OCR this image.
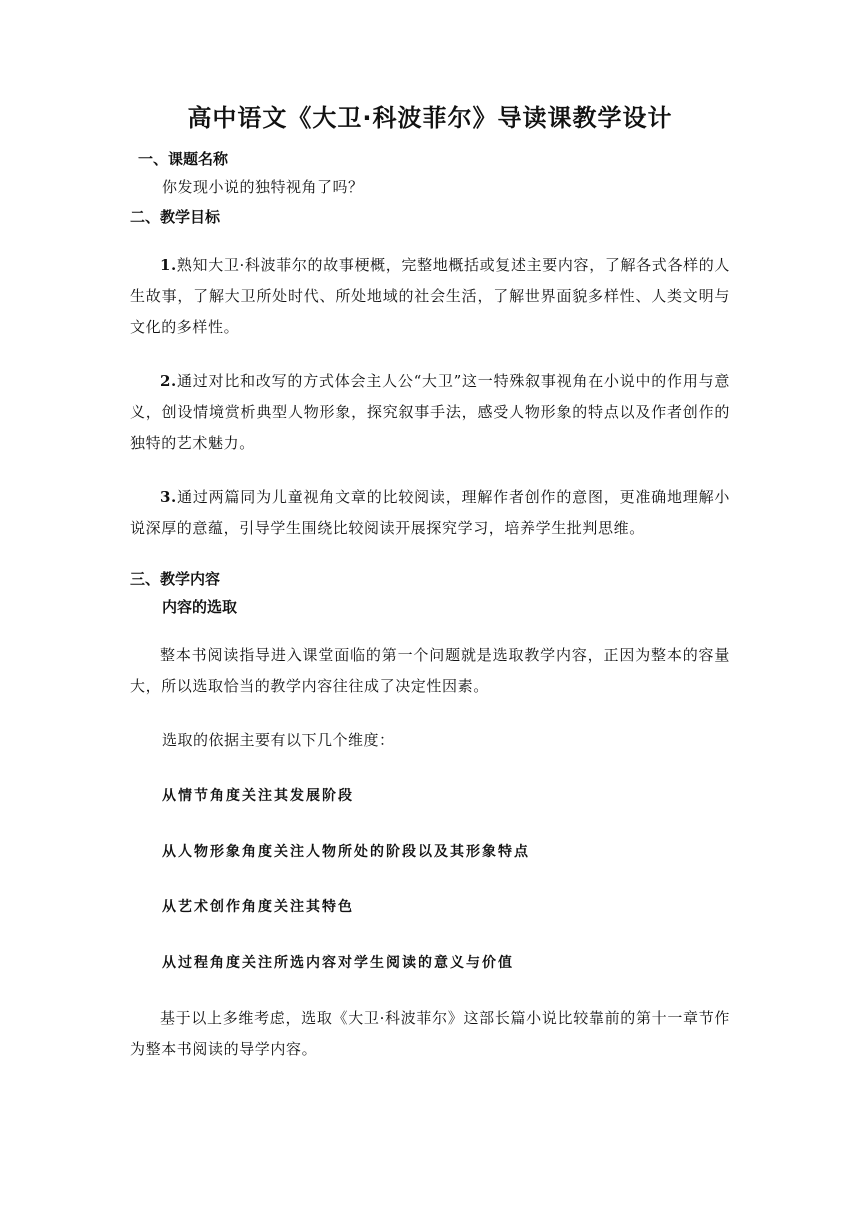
高中语文《大卫·科波菲尔》导读课教学设计
一、课题名称
你发现小说的独特视角了吗？
二、教学目标
1.熟知大卫·科波菲尔的故事梗概，完整地概括或复述主要内容，了解各式各样的人生故事，了解大卫所处时代、所处地域的社会生活，了解世界面貌多样性、人类文明与文化的多样性。
2.通过对比和改写的方式体会主人公“大卫”这一特殊叙事视角在小说中的作用与意义，创设情境赏析典型人物形象，探究叙事手法，感受人物形象的特点以及作者创作的独特的艺术魅力。
3.通过两篇同为儿童视角文章的比较阅读，理解作者创作的意图，更准确地理解小说深厚的意蕴，引导学生围绕比较阅读开展探究学习，培养学生批判思维。
三、教学内容
内容的选取
整本书阅读指导进入课堂面临的第一个问题就是选取教学内容，正因为整本的容量大，所以选取恰当的教学内容往往成了决定性因素。
选取的依据主要有以下几个维度：
从情节角度关注其发展阶段
从人物形象角度关注人物所处的阶段以及其形象特点
从艺术创作角度关注其特色
从过程角度关注所选内容对学生阅读的意义与价值
基于以上多维考虑，选取《大卫·科波菲尔》这部长篇小说比较靠前的第十一章节作为整本书阅读的导学内容。
